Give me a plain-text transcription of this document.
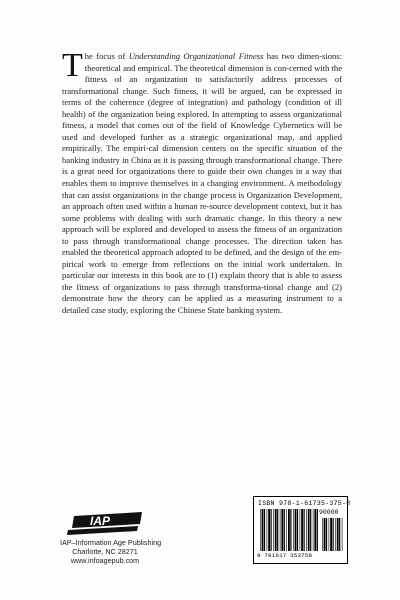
The focus of Understanding Organizational Fitness has two dimen-sions: theoretical and empirical. The theoretical dimension is con-cerned with the fitness of an organization to satisfactorily address processes of transformational change. Such fitness, it will be argued, can be expressed in terms of the coherence (degree of integration) and pathology (condition of ill health) of the organization being explored. In attempting to assess organizational fitness, a model that comes out of the field of Knowledge Cybernetics will be used and developed further as a strategic organizational map, and applied empirically. The empiri-cal dimension centers on the specific situation of the banking industry in China as it is passing through transformational change. There is a great need for organizations there to guide their own changes in a way that enables them to improve themselves in a changing environment. A methodology that can assist organizations in the change process is Organization Development, an approach often used within a human re-source development context, but it has some problems with dealing with such dramatic change. In this theory a new approach will be explored and developed to assess the fitness of an organization to pass through transformational change processes. The direction taken has enabled the theoretical approach adopted to be defined, and the design of the em-pirical work to emerge from reflections on the initial work undertaken. In particular our interests in this book are to (1) explain theory that is able to assess the fitness of organizations to pass through transforma-tional change and (2) demonstrate how the theory can be applied as a measuring instrument to a detailed case study, exploring the Chinese State banking system.

IAP
IAP–Information Age Publishing
Charlotte, NC 28271
www.infoagepub.com
ISBN 978-1-61735-375-8
90000
9 781617 353758
